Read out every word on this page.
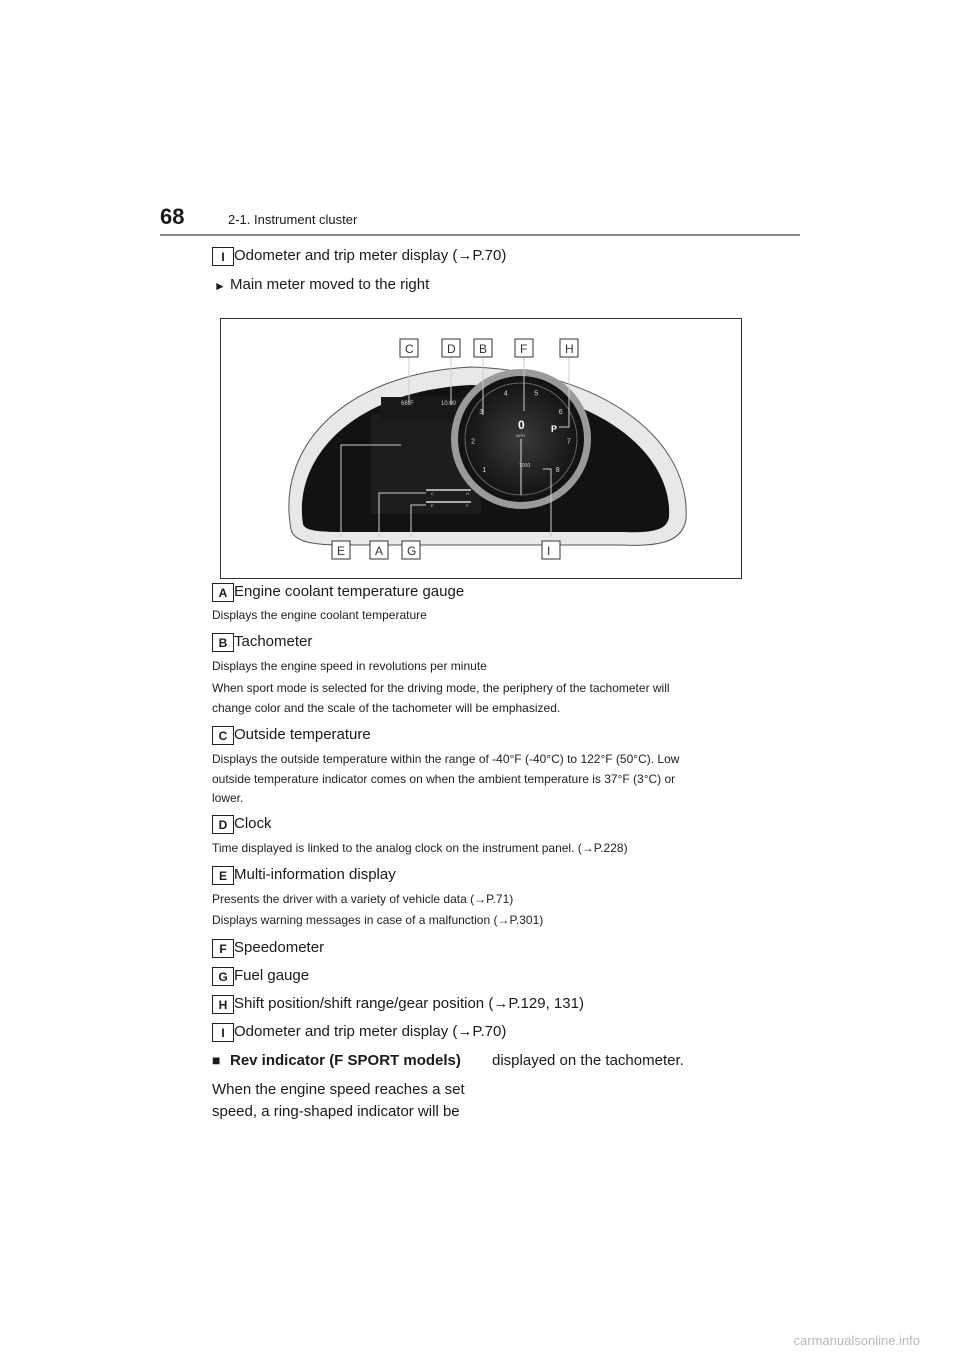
68	2-1. Instrument cluster
I Odometer and trip meter display (→P.70)
► Main meter moved to the right
68°F	10:00
1
2
3
4	5
6
7
8
0
MPH
P
1000
C	H
E	F
C	D B	F	H
E A G	I
A Engine coolant temperature gauge
Displays the engine coolant temperature
B Tachometer
Displays the engine speed in revolutions per minute
When sport mode is selected for the driving mode, the periphery of the tachometer will
change color and the scale of the tachometer will be emphasized.
C Outside temperature
Displays the outside temperature within the range of -40°F (-40°C) to 122°F (50°C). Low
outside temperature indicator comes on when the ambient temperature is 37°F (3°C) or
lower.
D Clock
Time displayed is linked to the analog clock on the instrument panel. (→P.228)
E Multi-information display
Presents the driver with a variety of vehicle data (→P.71)
Displays warning messages in case of a malfunction (→P.301)
F Speedometer
G Fuel gauge
H Shift position/shift range/gear position (→P.129, 131)
I Odometer and trip meter display (→P.70)
■ Rev indicator (F SPORT models) displayed on the tachometer.
When the engine speed reaches a set
speed, a ring-shaped indicator will be
carmanualsonline.info
